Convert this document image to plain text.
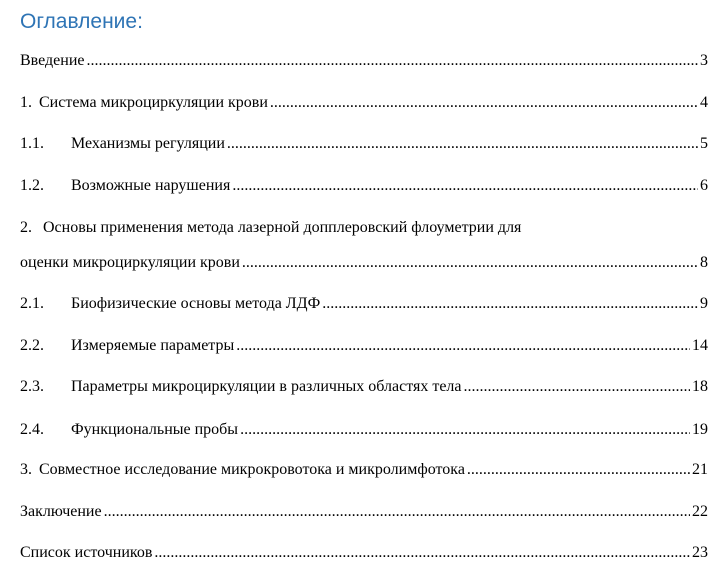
Оглавление:
Введение .....	3
1. Система микроциркуляции крови .....	4
1.1.	Механизмы регуляции .....	5
1.2.	Возможные нарушения .....	6
2. Основы применения метода лазерной допплеровский флоуметрии для
оценки микроциркуляции крови .....	8
2.1.	Биофизические основы метода ЛДФ .....	9
2.2.	Измеряемые параметры .....	14
2.3.	Параметры микроциркуляции в различных областях тела .....	18
2.4.	Функциональные пробы .....	19
3. Совместное исследование микрокровотока и микролимфотока .....	21
Заключение .....	22
Список источников .....	23
